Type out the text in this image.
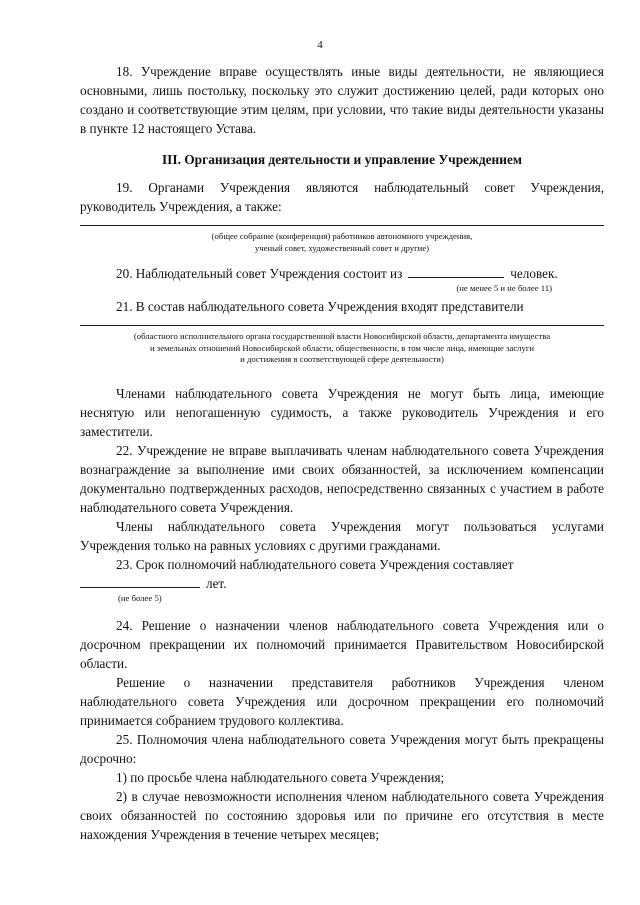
4

18. Учреждение вправе осуществлять иные виды деятельности, не являющиеся основными, лишь постольку, поскольку это служит достижению целей, ради которых оно создано и соответствующие этим целям, при условии, что такие виды деятельности указаны в пункте 12 настоящего Устава.

III. Организация деятельности и управление Учреждением

19. Органами Учреждения являются наблюдательный совет Учреждения, руководитель Учреждения, а также:

(общее собрание (конференция) работников автономного учреждения,
ученый совет, художественный совет и другие)
20. Наблюдательный совет Учреждения состоит из	человек.
(не менее 5 и не более 11)

21. В состав наблюдательного совета Учреждения входят представители

(областного исполнительного органа государственной власти Новосибирской области, департамента имущества
и земельных отношений Новосибирской области, общественности, в том числе лица, имеющие заслуги
и достижения в соответствующей сфере деятельности)

Членами наблюдательного совета Учреждения не могут быть лица, имеющие неснятую или непогашенную судимость, а также руководитель Учреждения и его заместители.

22. Учреждение не вправе выплачивать членам наблюдательного совета Учреждения вознаграждение за выполнение ими своих обязанностей, за исключением компенсации документально подтвержденных расходов, непосредственно связанных с участием в работе наблюдательного совета Учреждения.

Члены наблюдательного совета Учреждения могут пользоваться услугами Учреждения только на равных условиях с другими гражданами.

23. Срок полномочий наблюдательного совета Учреждения составляет

лет.
(не более 5)

24. Решение о назначении членов наблюдательного совета Учреждения или о досрочном прекращении их полномочий принимается Правительством Новосибирской области.

Решение о назначении представителя работников Учреждения членом наблюдательного совета Учреждения или досрочном прекращении его полномочий принимается собранием трудового коллектива.

25. Полномочия члена наблюдательного совета Учреждения могут быть прекращены досрочно:

1) по просьбе члена наблюдательного совета Учреждения;

2) в случае невозможности исполнения членом наблюдательного совета Учреждения своих обязанностей по состоянию здоровья или по причине его отсутствия в месте нахождения Учреждения в течение четырех месяцев;
